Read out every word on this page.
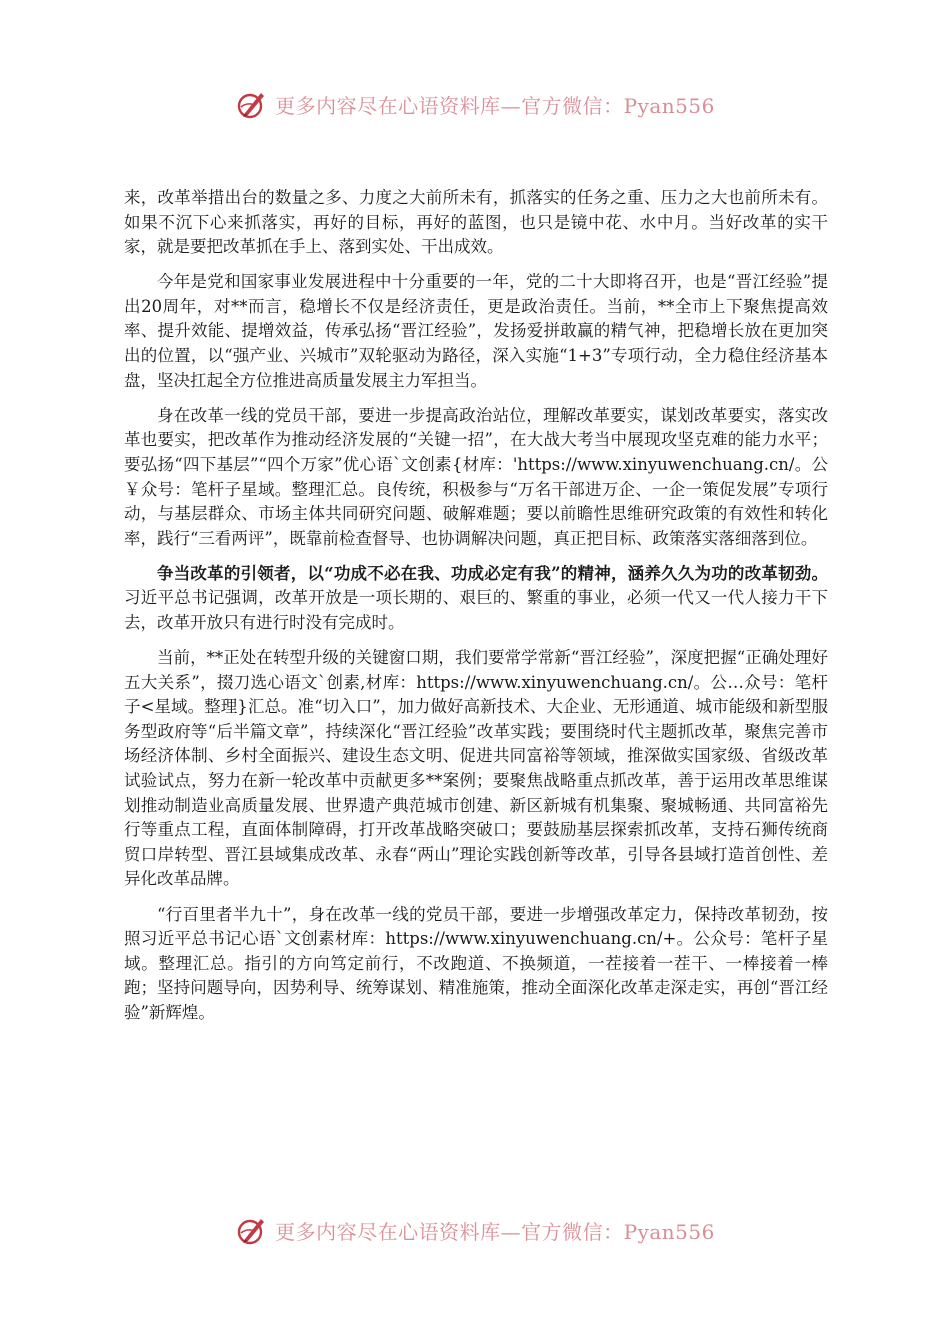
更多内容尽在心语资料库—官方微信：Pyan556

来，改革举措出台的数量之多、力度之大前所未有，抓落实的任务之重、压力之大也前所未有。如果不沉下心来抓落实，再好的目标，再好的蓝图，也只是镜中花、水中月。当好改革的实干家，就是要把改革抓在手上、落到实处、干出成效。

今年是党和国家事业发展进程中十分重要的一年，党的二十大即将召开，也是“晋江经验”提出20周年，对**而言，稳增长不仅是经济责任，更是政治责任。当前，**全市上下聚焦提高效率、提升效能、提增效益，传承弘扬“晋江经验”，发扬爱拼敢赢的精气神，把稳增长放在更加突出的位置，以“强产业、兴城市”双轮驱动为路径，深入实施“1+3”专项行动，全力稳住经济基本盘，坚决扛起全方位推进高质量发展主力军担当。

身在改革一线的党员干部，要进一步提高政治站位，理解改革要实，谋划改革要实，落实改革也要实，把改革作为推动经济发展的“关键一招”，在大战大考当中展现攻坚克难的能力水平；要弘扬“四下基层”“四个万家”优心语`文创素{材库：'https://www.xinyuwenchuang.cn/。公￥众号：笔杆子星域。整理汇总。良传统，积极参与“万名干部进万企、一企一策促发展”专项行动，与基层群众、市场主体共同研究问题、破解难题；要以前瞻性思维研究政策的有效性和转化率，践行“三看两评”，既靠前检查督导、也协调解决问题，真正把目标、政策落实落细落到位。

争当改革的引领者，以“功成不必在我、功成必定有我”的精神，涵养久久为功的改革韧劲。习近平总书记强调，改革开放是一项长期的、艰巨的、繁重的事业，必须一代又一代人接力干下去，改革开放只有进行时没有完成时。

当前，**正处在转型升级的关键窗口期，我们要常学常新“晋江经验”，深度把握“正确处理好五大关系”，掇刀选心语文`创素,材库：https://www.xinyuwenchuang.cn/。公…众号：笔杆子<星域。整理}汇总。准“切入口”，加力做好高新技术、大企业、无形通道、城市能级和新型服务型政府等“后半篇文章”，持续深化“晋江经验”改革实践；要围绕时代主题抓改革，聚焦完善市场经济体制、乡村全面振兴、建设生态文明、促进共同富裕等领域，推深做实国家级、省级改革试验试点，努力在新一轮改革中贡献更多**案例；要聚焦战略重点抓改革，善于运用改革思维谋划推动制造业高质量发展、世界遗产典范城市创建、新区新城有机集聚、聚城畅通、共同富裕先行等重点工程，直面体制障碍，打开改革战略突破口；要鼓励基层探索抓改革，支持石狮传统商贸口岸转型、晋江县域集成改革、永春“两山”理论实践创新等改革，引导各县域打造首创性、差异化改革品牌。

“行百里者半九十”，身在改革一线的党员干部，要进一步增强改革定力，保持改革韧劲，按照习近平总书记心语`文创素材库：https://www.xinyuwenchuang.cn/+。公众号：笔杆子星域。整理汇总。指引的方向笃定前行，不改跑道、不换频道，一茬接着一茬干、一棒接着一棒跑；坚持问题导向，因势利导、统筹谋划、精准施策，推动全面深化改革走深走实，再创“晋江经验”新辉煌。

更多内容尽在心语资料库—官方微信：Pyan556
